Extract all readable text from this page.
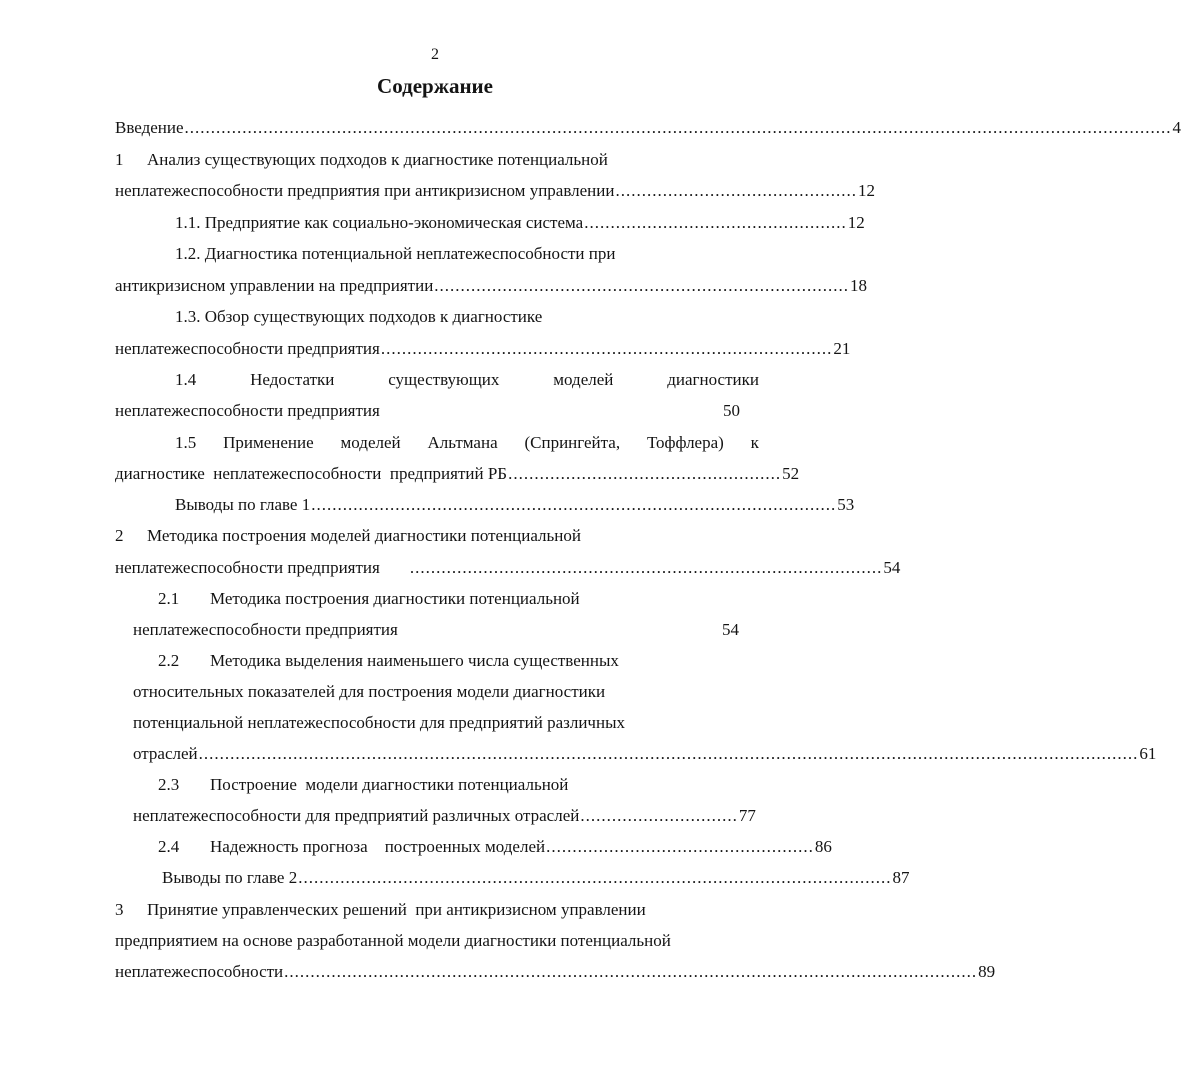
2
Содержание
Введение ............................................................................................................................................................................................ 4
1 Анализ существующих подходов к диагностике потенциальной
неплатежеспособности предприятия при антикризисном управлении .............................................. 12
1.1. Предприятие как социально-экономическая система .................................................. 12
1.2. Диагностика потенциальной неплатежеспособности при
антикризисном управлении на предприятии ............................................................................... 18
1.3. Обзор существующих подходов к диагностике
неплатежеспособности предприятия ...................................................................................... 21
1.4	Недостатки	существующих	моделей	диагностики
неплатежеспособности предприятия	50
1.5 Применение моделей Альтмана (Спрингейта, Тоффлера) к
диагностике  неплатежеспособности  предприятий РБ .................................................... 52
Выводы по главе 1 .................................................................................................... 53
2 Методика построения моделей диагностики потенциальной
неплатежеспособности предприятия .......................................................................................... 54
2.1 Методика построения диагностики потенциальной
неплатежеспособности предприятия	54
2.2 Методика выделения наименьшего числа существенных
относительных показателей для построения модели диагностики
потенциальной неплатежеспособности для предприятий различных
отраслей ................................................................................................................................................................................... 61
2.3 Построение  модели диагностики потенциальной
неплатежеспособности для предприятий различных отраслей .............................. 77
2.4	Надежность прогноза    построенных моделей ................................................... 86
Выводы по главе 2 ................................................................................................................. 87
3 Принятие управленческих решений  при антикризисном управлении
предприятием на основе разработанной модели диагностики потенциальной
неплатежеспособности .................................................................................................................................... 89
